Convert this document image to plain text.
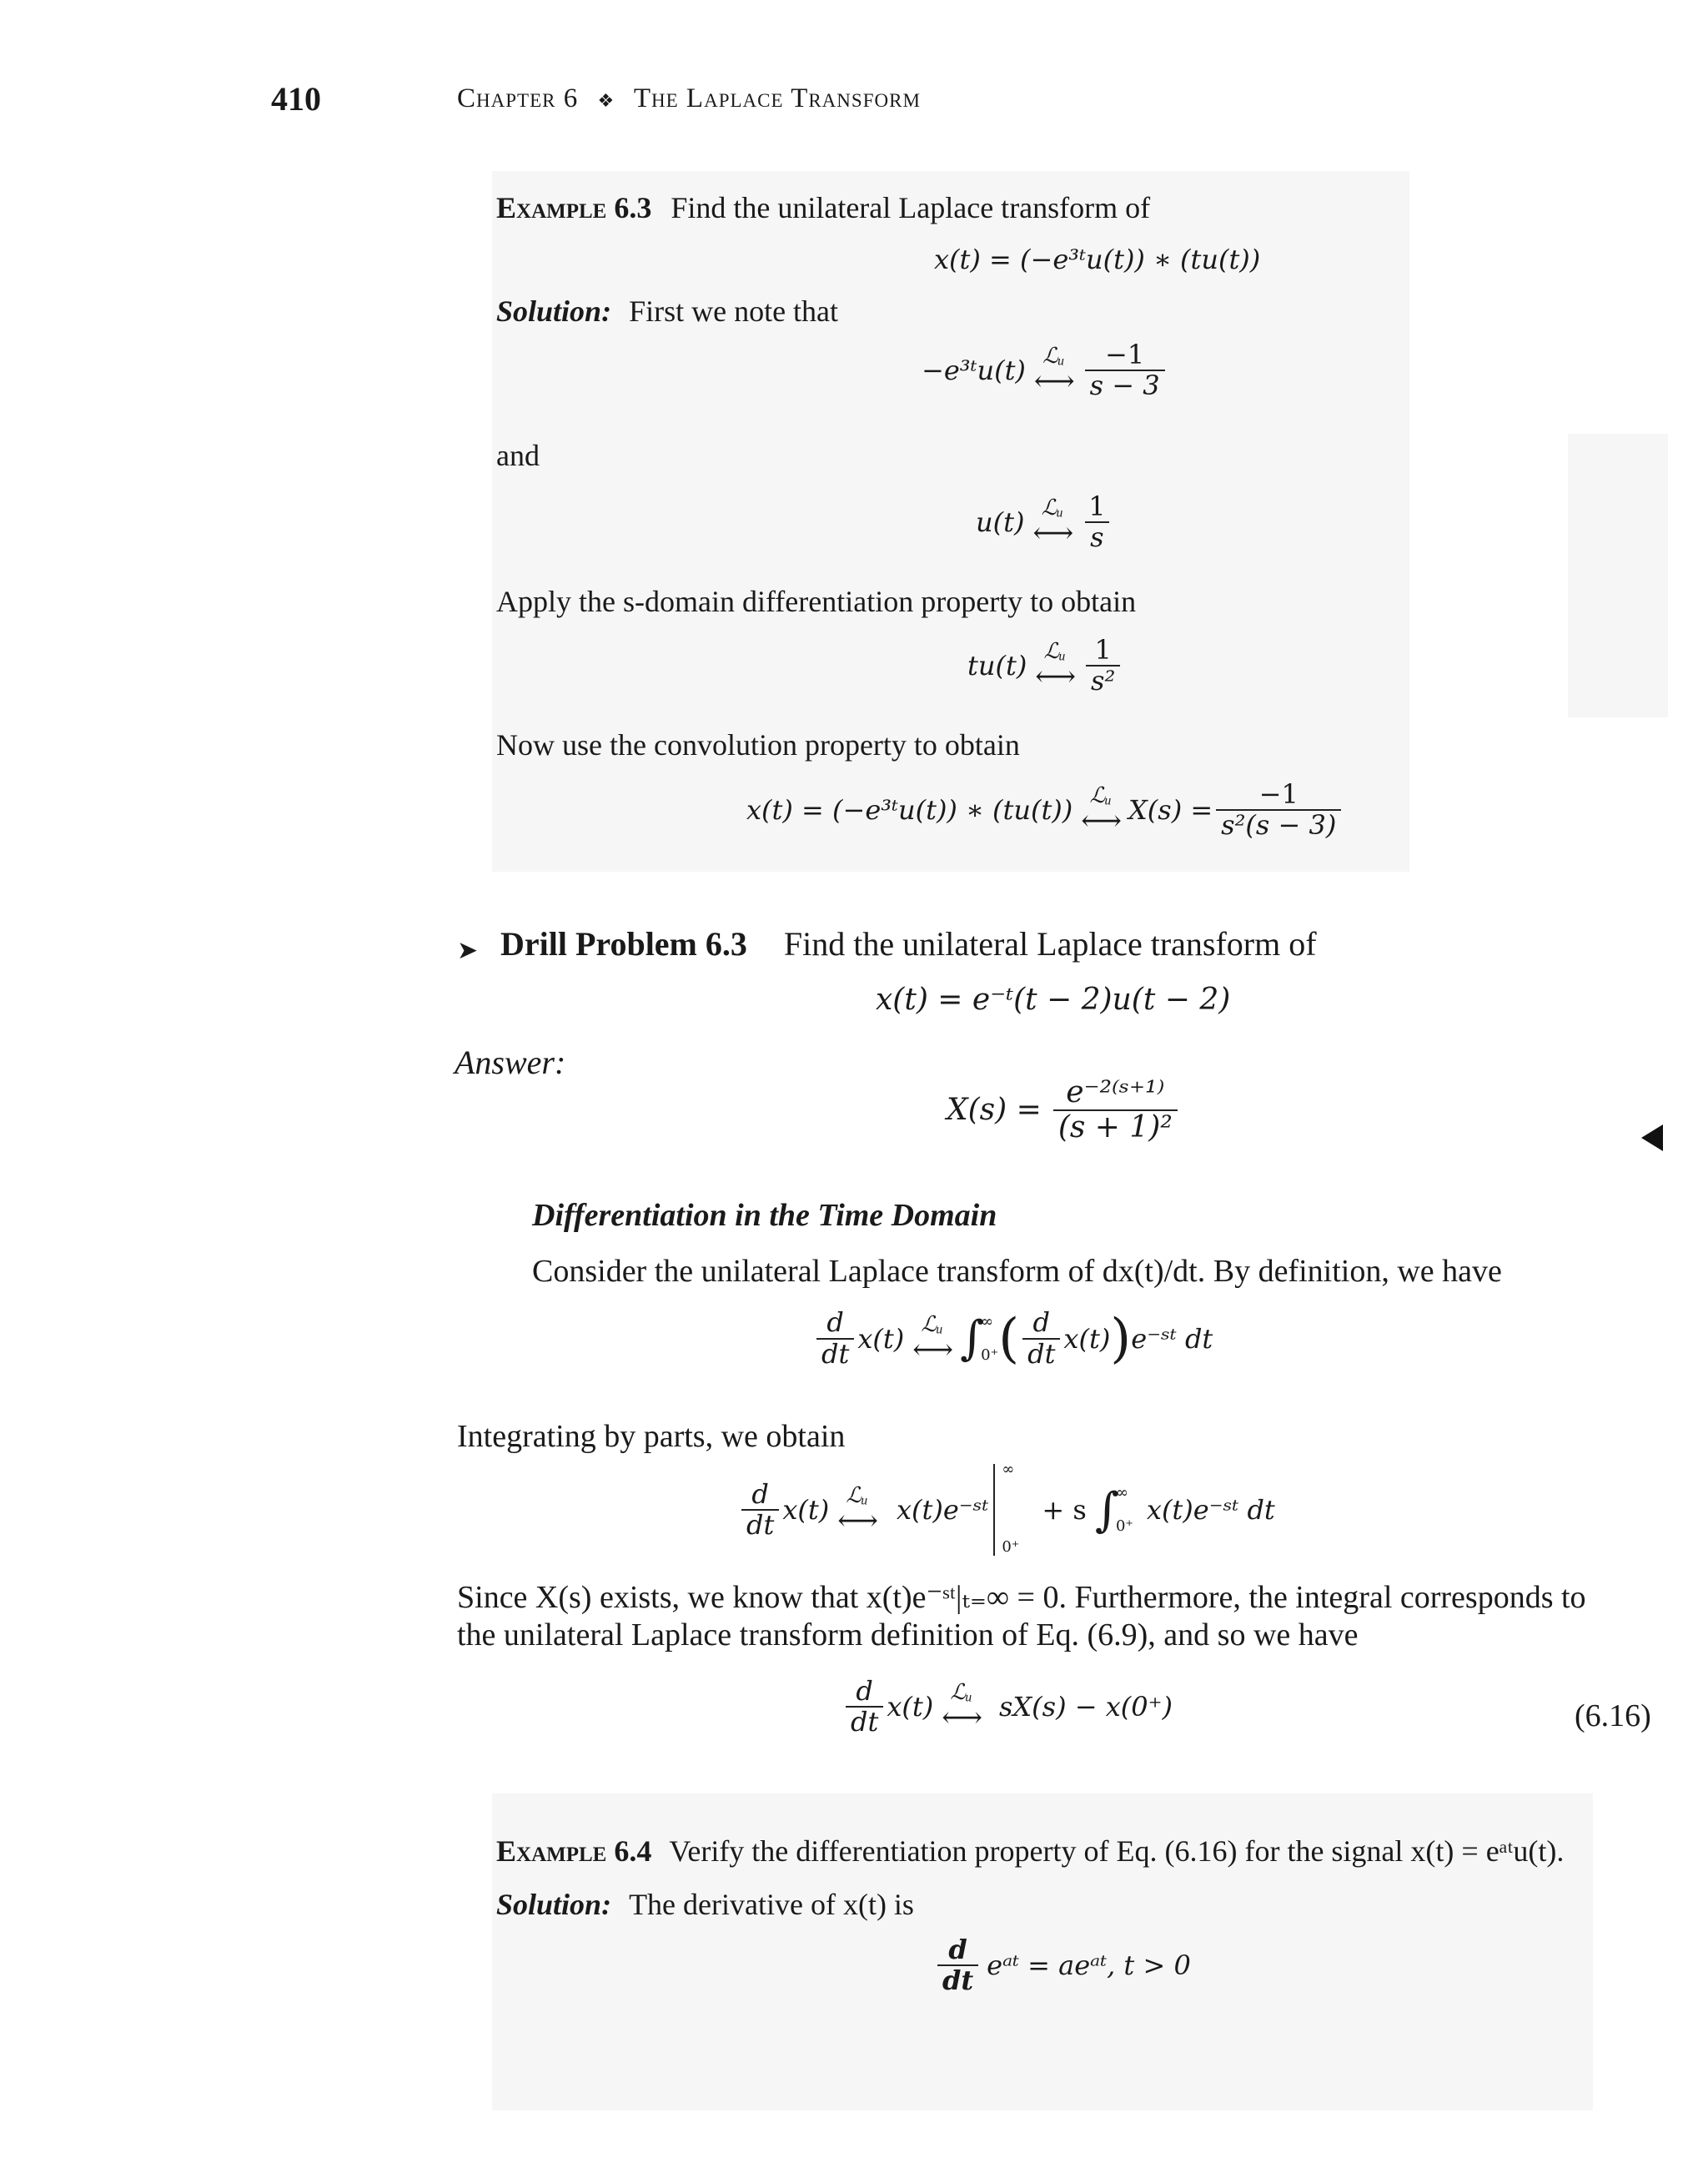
410	Chapter 6 ❖ The Laplace Transform
Example 6.3 Find the unilateral Laplace transform of
x(t) = (−e³ᵗu(t)) ∗ (tu(t))
Solution: First we note that
−e³ᵗu(t) ℒᵤ
⟷ $\frac{-1}{s - 3}$
and
u(t) ℒᵤ
⟷ $\frac{1}{s}$
Apply the s-domain differentiation property to obtain
tu(t) ℒᵤ
⟷ $\frac{1}{\text{s²}}$
Now use the convolution property to obtain
x(t) = (−e³ᵗu(t)) ∗ (tu(t)) ℒᵤ
⟷ $X(s) = \frac{-1}{\text{s²(s − 3)}}$
➤ Drill Problem 6.3 Find the unilateral Laplace transform of
x(t) = e⁻ᵗ(t − 2)u(t − 2)
Answer:
$X(s) = \frac{\text{e⁻²⁽ˢ⁺¹⁾}}{\text{(s + 1)²}}$
Differentiation in the Time Domain
Consider the unilateral Laplace transform of dx(t)/dt. By definition, we have
$\frac{d}{dt} x(t)$ ℒᵤ
⟷ ∫
∞
0⁺ ( $\frac{d}{dt} x(t)$ ) e⁻ˢᵗ dt
Integrating by parts, we obtain
$\frac{d}{dt} x(t)$ ℒᵤ
⟷ x(t)e⁻ˢᵗ
∞
0⁺
+ s ∫
∞
0⁺
x(t)e⁻ˢᵗ dt
Since X(s) exists, we know that x(t)e⁻ˢᵗ|ₜ₌∞ = 0. Furthermore, the integral corresponds to
the unilateral Laplace transform definition of Eq. (6.9), and so we have
$\frac{d}{dt} x(t)$ ℒᵤ
⟷ sX(s) − x(0⁺)	(6.16)
Example 6.4 Verify the differentiation property of Eq. (6.16) for the signal x(t) = eᵃᵗu(t).
Solution: The derivative of x(t) is
$\frac{d}{dt}$ eᵃᵗ = aeᵃᵗ, t > 0
